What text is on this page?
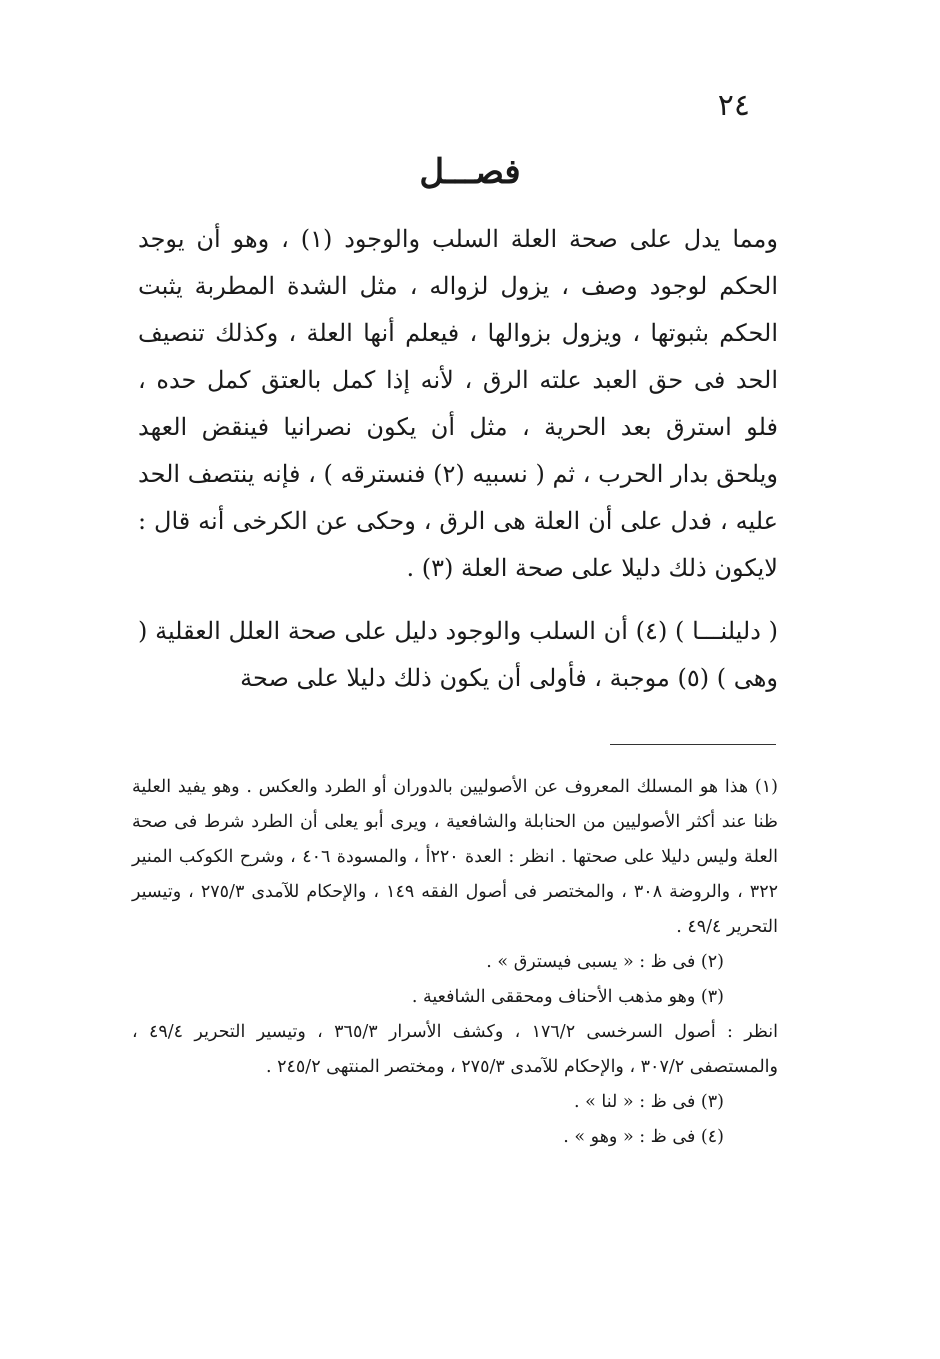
٢٤
فصـــل

ومما يدل على صحة العلة السلب والوجود (١) ، وهو أن يوجد الحكم لوجود وصف ، يزول لزواله ، مثل الشدة المطربة يثبت الحكم بثبوتها ، ويزول بزوالها ، فيعلم أنها العلة ، وكذلك تنصيف الحد فى حق العبد علته الرق ، لأنه إذا كمل بالعتق كمل حده ، فلو استرق بعد الحرية ، مثل أن يكون نصرانيا فينقض العهد ويلحق بدار الحرب ، ثم ( نسبيه (٢) فنسترقه ) ، فإنه ينتصف الحد عليه ، فدل على أن العلة هى الرق ، وحكى عن الكرخى أنه قال : لايكون ذلك دليلا على صحة العلة (٣) .

( دليلنـــا ) (٤) أن السلب والوجود دليل على صحة العلل العقلية ( وهى ) (٥) موجبة ، فأولى أن يكون ذلك دليلا على صحة

(١) هذا هو المسلك المعروف عن الأصوليين بالدوران أو الطرد والعكس . وهو يفيد العلية ظنا عند أكثر الأصوليين من الحنابلة والشافعية ، ويرى أبو يعلى أن الطرد شرط فى صحة العلة وليس دليلا على صحتها . انظر : العدة ٢٢٠أ ، والمسودة ٤٠٦ ، وشرح الكوكب المنير ٣٢٢ ، والروضة ٣٠٨ ، والمختصر فى أصول الفقه ١٤٩ ، والإحكام للآمدى ٢٧٥/٣ ، وتيسير التحرير ٤٩/٤ .

(٢) فى ظ : « يسبى فيسترق » .

(٣) وهو مذهب الأحناف ومحققى الشافعية .

انظر : أصول السرخسى ١٧٦/٢ ، وكشف الأسرار ٣٦٥/٣ ، وتيسير التحرير ٤٩/٤ ، والمستصفى ٣٠٧/٢ ، والإحكام للآمدى ٢٧٥/٣ ، ومختصر المنتهى ٢٤٥/٢ .

(٣) فى ظ : « لنا » .

(٤) فى ظ : « وهو » .
